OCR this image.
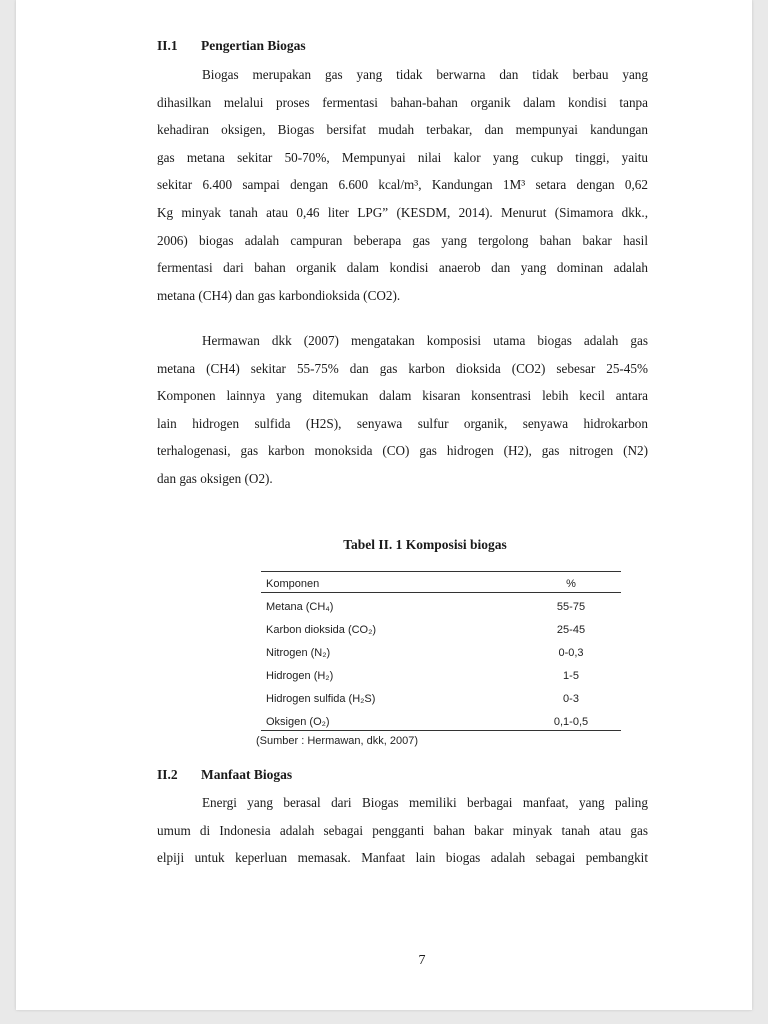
II.1 Pengertian Biogas
Biogas merupakan gas yang tidak berwarna dan tidak berbau yang
dihasilkan melalui proses fermentasi bahan-bahan organik dalam kondisi tanpa
kehadiran oksigen, Biogas bersifat mudah terbakar, dan mempunyai kandungan
gas metana sekitar 50-70%, Mempunyai nilai kalor yang cukup tinggi, yaitu
sekitar 6.400 sampai dengan 6.600 kcal/m³, Kandungan 1M³ setara dengan 0,62
Kg minyak tanah atau 0,46 liter LPG” (KESDM, 2014). Menurut (Simamora dkk.,
2006) biogas adalah campuran beberapa gas yang tergolong bahan bakar hasil
fermentasi dari bahan organik dalam kondisi anaerob dan yang dominan adalah
metana (CH4) dan gas karbondioksida (CO2).
Hermawan dkk (2007) mengatakan komposisi utama biogas adalah gas
metana (CH4) sekitar 55-75% dan gas karbon dioksida (CO2) sebesar 25-45%
Komponen lainnya yang ditemukan dalam kisaran konsentrasi lebih kecil antara
lain hidrogen sulfida (H2S), senyawa sulfur organik, senyawa hidrokarbon
terhalogenasi, gas karbon monoksida (CO) gas hidrogen (H2), gas nitrogen (N2)
dan gas oksigen (O2).
Tabel II. 1 Komposisi biogas
Komponen	%
Metana (CH₄)	55-75
Karbon dioksida (CO₂)	25-45
Nitrogen (N₂)	0-0,3
Hidrogen (H₂)	1-5
Hidrogen sulfida (H₂S)	0-3
Oksigen (O₂)	0,1-0,5
(Sumber : Hermawan, dkk, 2007)
II.2 Manfaat Biogas
Energi yang berasal dari Biogas memiliki berbagai manfaat, yang paling
umum di Indonesia adalah sebagai pengganti bahan bakar minyak tanah atau gas
elpiji untuk keperluan memasak. Manfaat lain biogas adalah sebagai pembangkit
7
